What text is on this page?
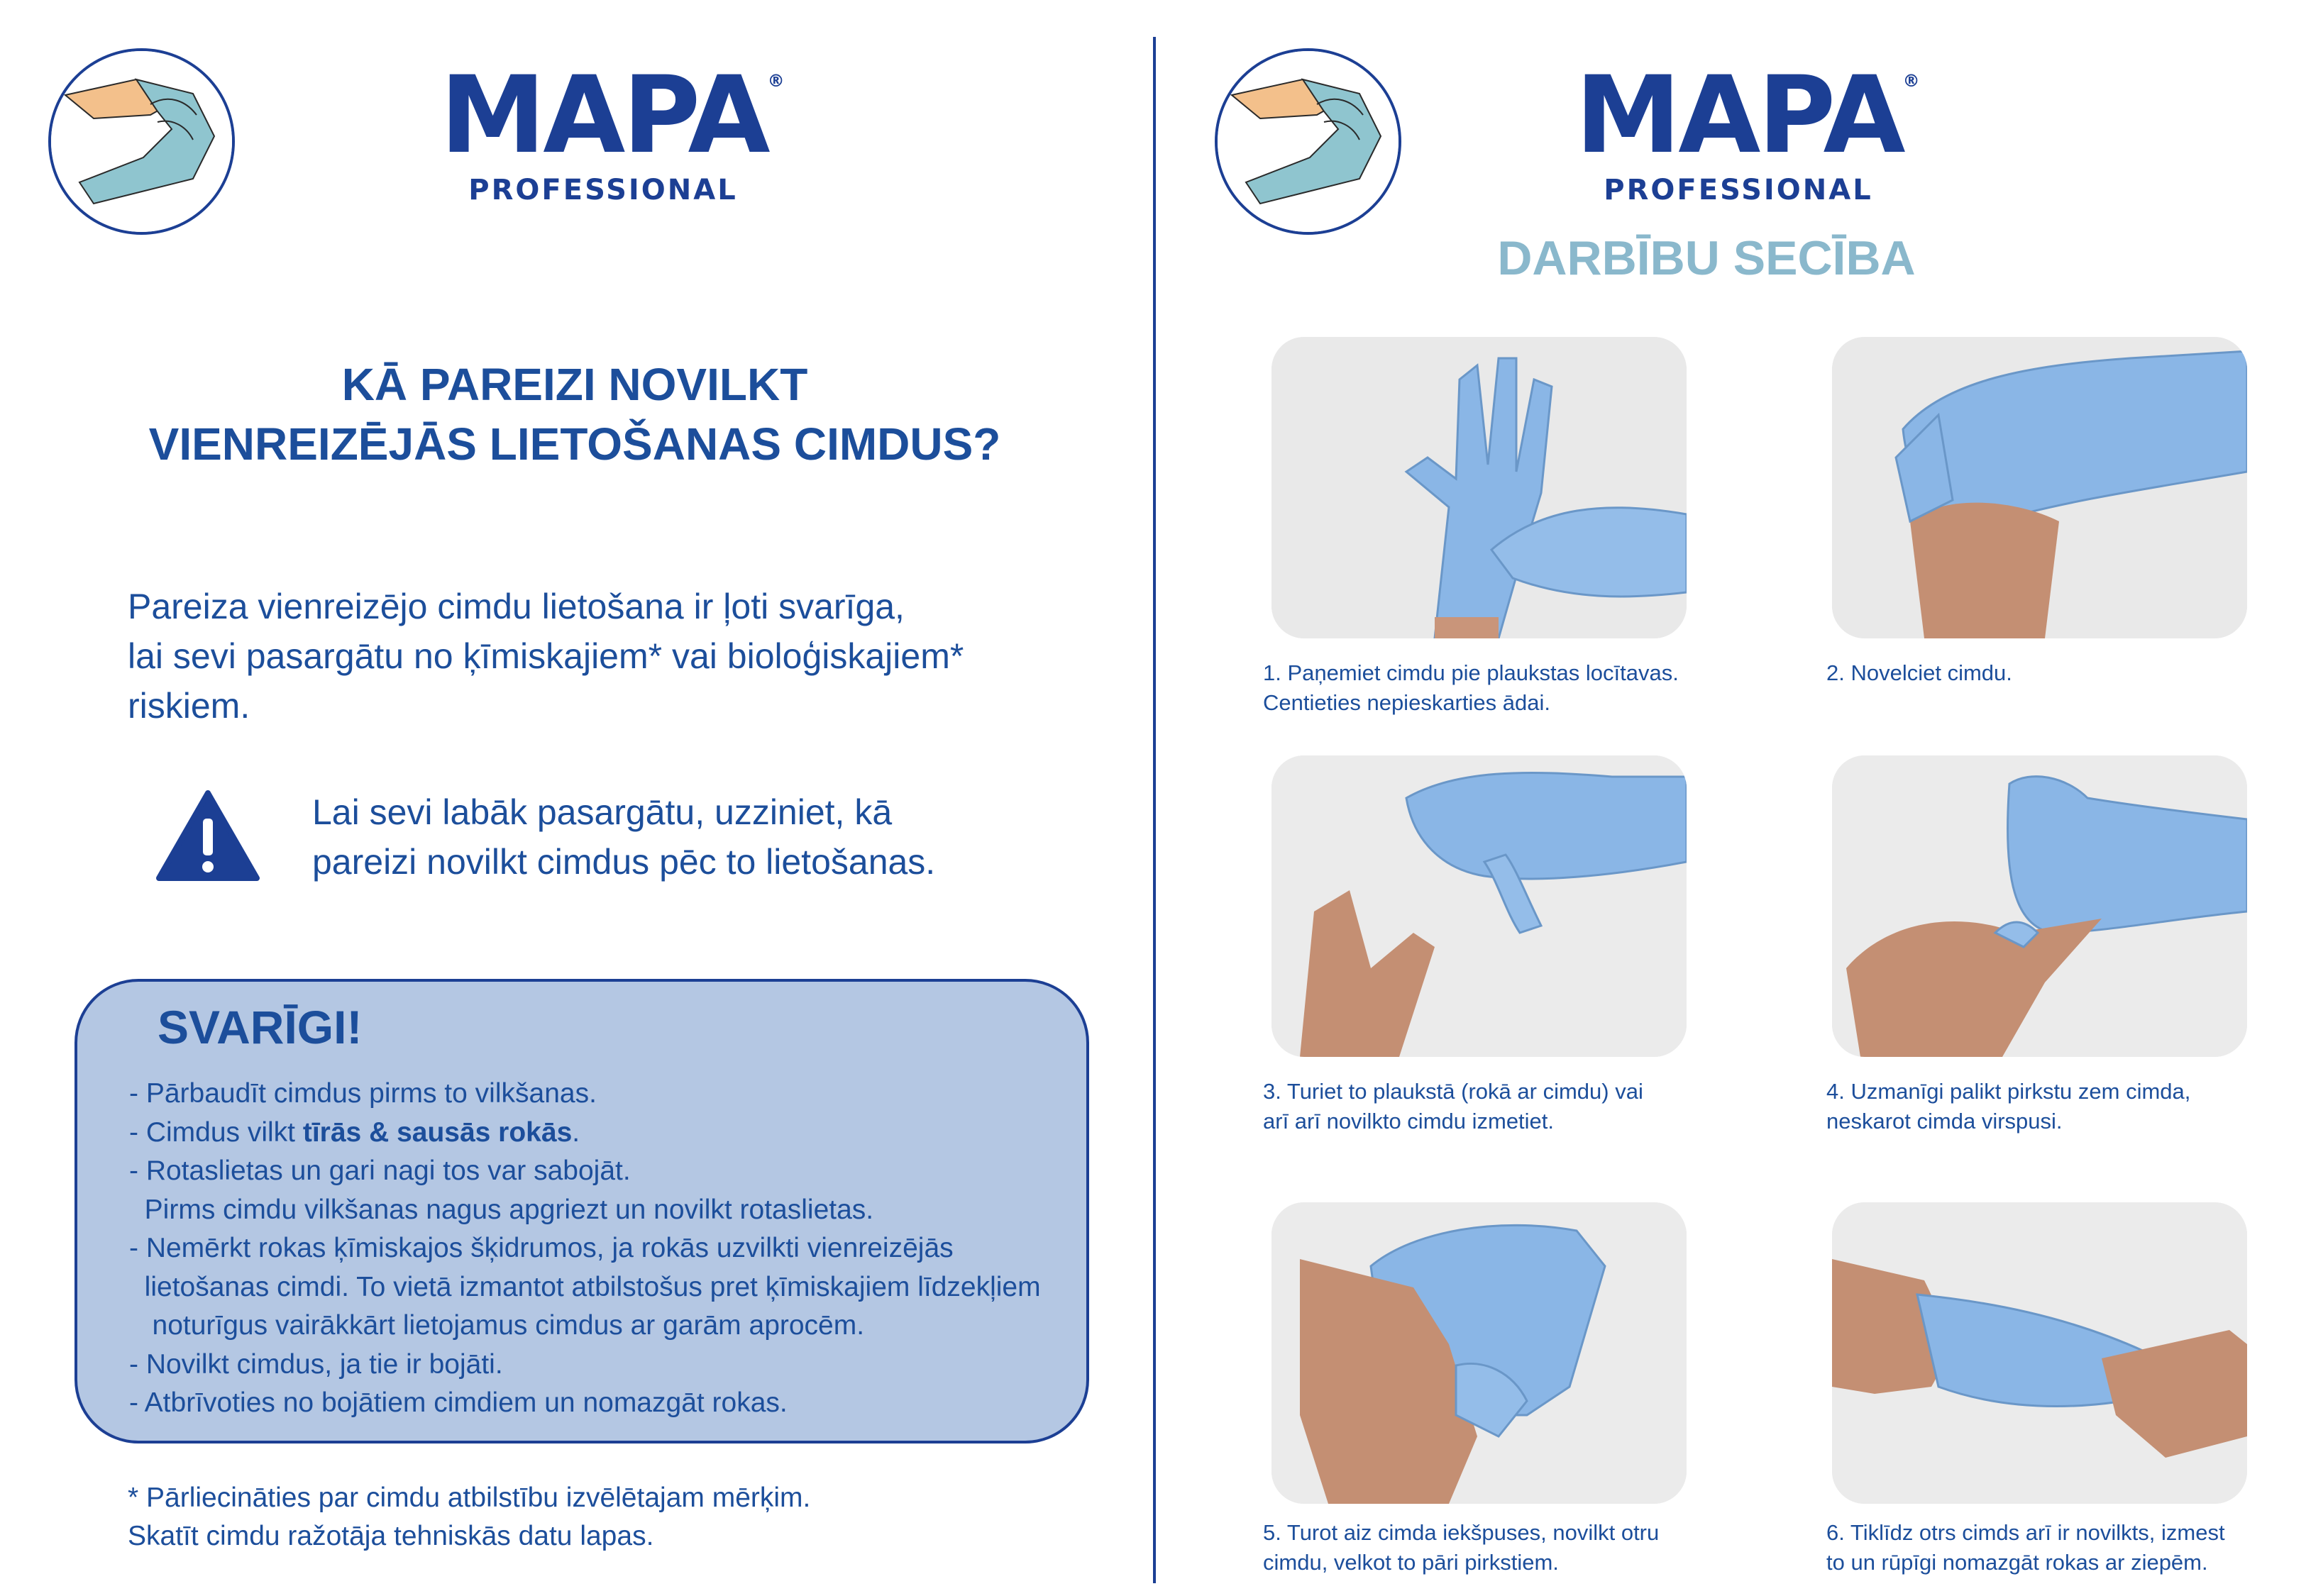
MAPA®
PROFESSIONAL
KĀ PAREIZI NOVILKT
VIENREIZĒJĀS LIETOŠANAS CIMDUS?
Pareiza vienreizējo cimdu lietošana ir ļoti svarīga,
lai sevi pasargātu no ķīmiskajiem* vai bioloģiskajiem*
riskiem.
Lai sevi labāk pasargātu, uzziniet, kā
pareizi novilkt cimdus pēc to lietošanas.
SVARĪGI!
- Pārbaudīt cimdus pirms to vilkšanas.
- Cimdus vilkt tīrās & sausās rokās.
- Rotaslietas un gari nagi tos var sabojāt.
Pirms cimdu vilkšanas nagus apgriezt un novilkt rotaslietas.
- Nemērkt rokas ķīmiskajos šķidrumos, ja rokās uzvilkti vienreizējās
lietošanas cimdi. To vietā izmantot atbilstošus pret ķīmiskajiem līdzekļiem
noturīgus vairākkārt lietojamus cimdus ar garām aprocēm.
- Novilkt cimdus, ja tie ir bojāti.
- Atbrīvoties no bojātiem cimdiem un nomazgāt rokas.
* Pārliecināties par cimdu atbilstību izvēlētajam mērķim.
Skatīt cimdu ražotāja tehniskās datu lapas.
MAPA®
PROFESSIONAL
DARBĪBU SECĪBA
1. Paņemiet cimdu pie plaukstas locītavas.
Centieties nepieskarties ādai.
2. Novelciet cimdu.
3. Turiet to plaukstā (rokā ar cimdu) vai
arī arī novilkto cimdu izmetiet.
4. Uzmanīgi palikt pirkstu zem cimda,
neskarot cimda virspusi.
5. Turot aiz cimda iekšpuses, novilkt otru
cimdu, velkot to pāri pirkstiem.
6. Tiklīdz otrs cimds arī ir novilkts, izmest
to un rūpīgi nomazgāt rokas ar ziepēm.
